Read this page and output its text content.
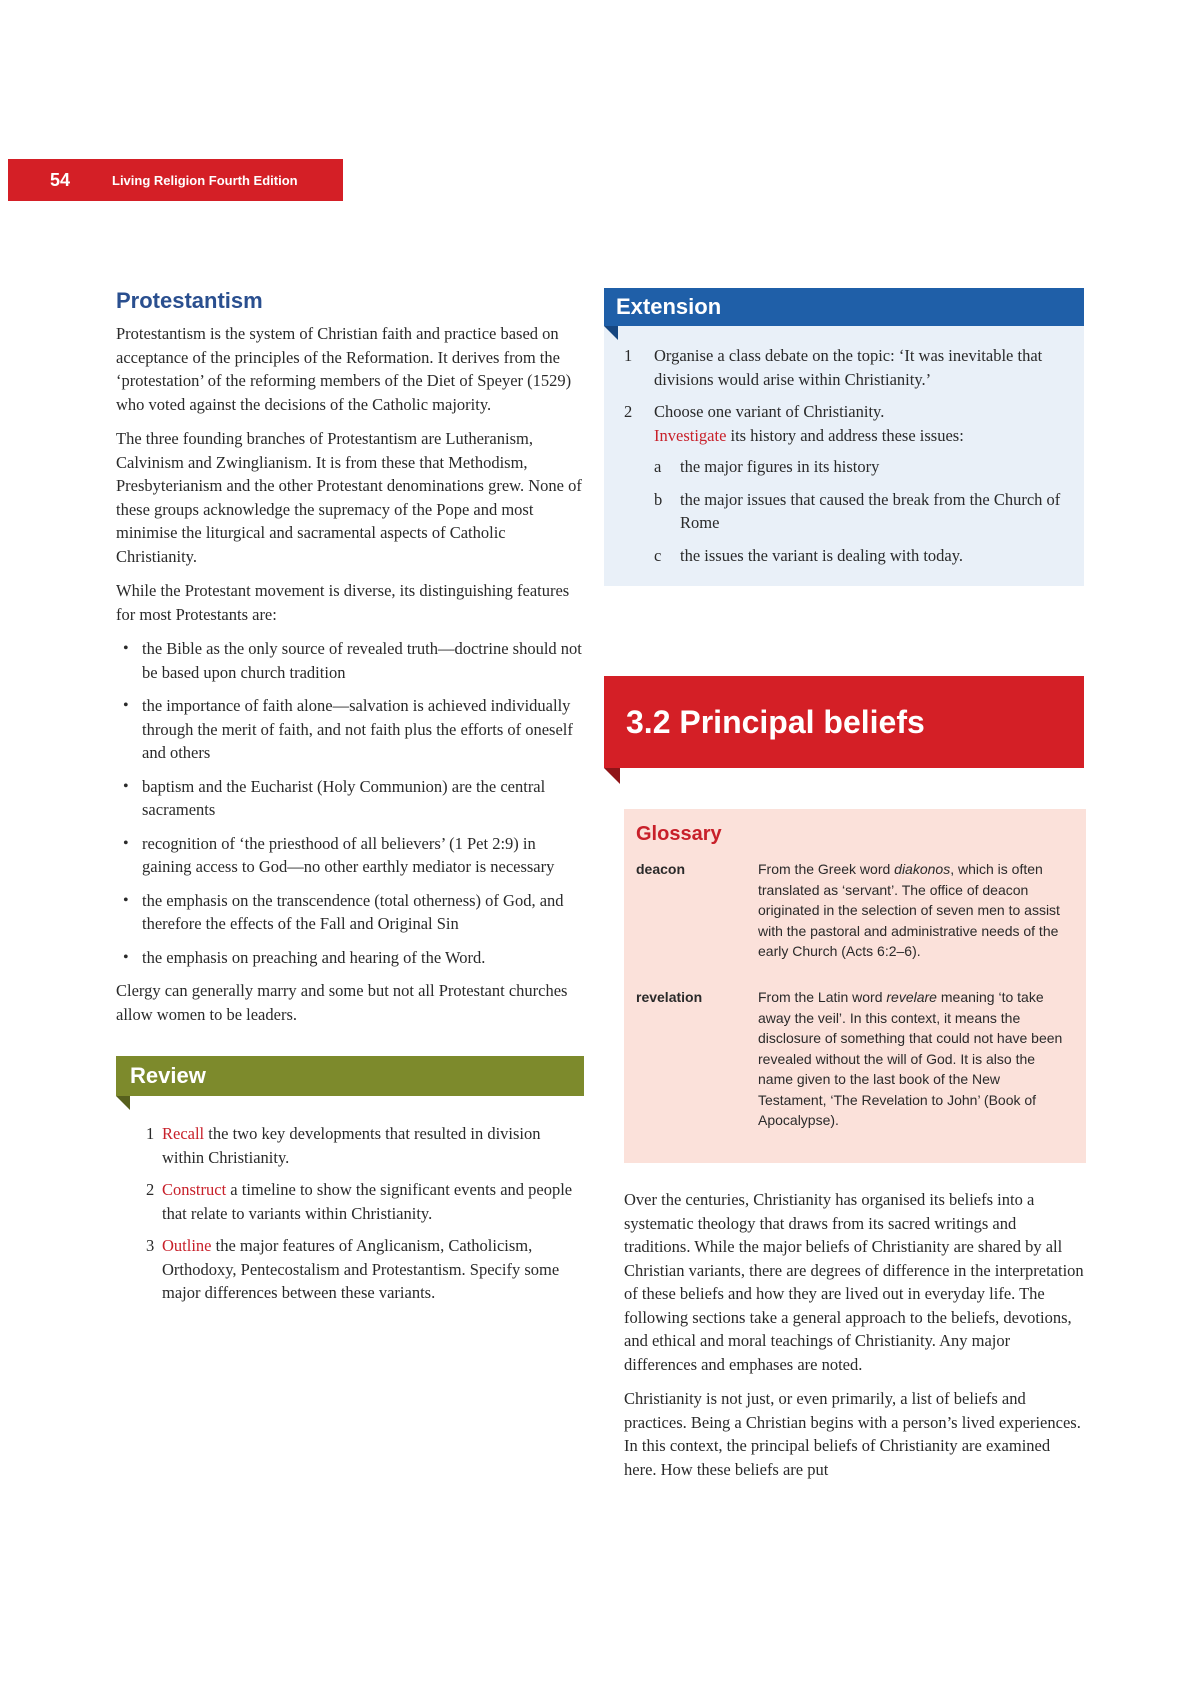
54	Living Religion Fourth Edition
Protestantism

Protestantism is the system of Christian faith and practice based on acceptance of the principles of the Reformation. It derives from the ‘protestation’ of the reforming members of the Diet of Speyer (1529) who voted against the decisions of the Catholic majority.

The three founding branches of Protestantism are Lutheranism, Calvinism and Zwinglianism. It is from these that Methodism, Presbyterianism and the other Protestant denominations grew. None of these groups acknowledge the supremacy of the Pope and most minimise the liturgical and sacramental aspects of Catholic Christianity.

While the Protestant movement is diverse, its distinguishing features for most Protestants are:

• the Bible as the only source of revealed truth—doctrine should not be based upon church tradition
• the importance of faith alone—salvation is achieved individually through the merit of faith, and not faith plus the efforts of oneself and others
• baptism and the Eucharist (Holy Communion) are the central sacraments
• recognition of ‘the priesthood of all believers’ (1 Pet 2:9) in gaining access to God—no other earthly mediator is necessary
• the emphasis on the transcendence (total otherness) of God, and therefore the effects of the Fall and Original Sin
• the emphasis on preaching and hearing of the Word.

Clergy can generally marry and some but not all Protestant churches allow women to be leaders.

Review
1 Recall the two key developments that resulted in division within Christianity.
2 Construct a timeline to show the significant events and people that relate to variants within Christianity.
3 Outline the major features of Anglicanism, Catholicism, Orthodoxy, Pentecostalism and Protestantism. Specify some major differences between these variants.
Extension
1 Organise a class debate on the topic: ‘It was inevitable that divisions would arise within Christianity.’
2 Choose one variant of Christianity.
Investigate its history and address these issues:
a the major figures in its history
b the major issues that caused the break from the Church of Rome
c the issues the variant is dealing with today.
3.2 Principal beliefs
Glossary
deacon	From the Greek word diakonos, which is often translated as ‘servant’. The office of deacon originated in the selection of seven men to assist with the pastoral and administrative needs of the early Church (Acts 6:2–6).
revelation	From the Latin word revelare meaning ‘to take away the veil’. In this context, it means the disclosure of something that could not have been revealed without the will of God. It is also the name given to the last book of the New Testament, ‘The Revelation to John’ (Book of Apocalypse).

Over the centuries, Christianity has organised its beliefs into a systematic theology that draws from its sacred writings and traditions. While the major beliefs of Christianity are shared by all Christian variants, there are degrees of difference in the interpretation of these beliefs and how they are lived out in everyday life. The following sections take a general approach to the beliefs, devotions, and ethical and moral teachings of Christianity. Any major differences and emphases are noted.

Christianity is not just, or even primarily, a list of beliefs and practices. Being a Christian begins with a person’s lived experiences. In this context, the principal beliefs of Christianity are examined here. How these beliefs are put
